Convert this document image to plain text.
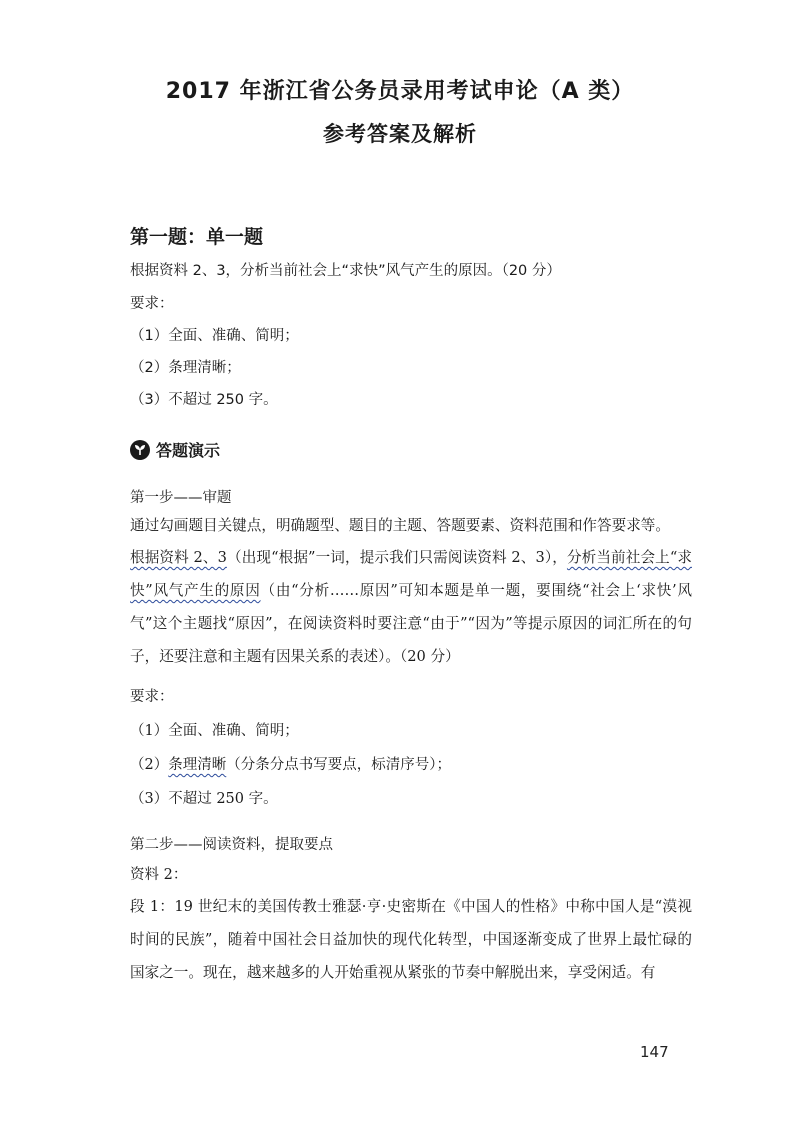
2017 年浙江省公务员录用考试申论（A 类）
参考答案及解析
第一题：单一题
根据资料 2、3，分析当前社会上“求快”风气产生的原因。（20 分）
要求：
（1）全面、准确、简明；
（2）条理清晰；
（3）不超过 250 字。
答题演示
第一步——审题
通过勾画题目关键点，明确题型、题目的主题、答题要素、资料范围和作答要求等。
根据资料 2、3（出现“根据”一词，提示我们只需阅读资料 2、3），分析当前社会上“求快”风气产生的原因（由“分析……原因”可知本题是单一题，要围绕“社会上‘求快’风气”这个主题找“原因”，在阅读资料时要注意“由于”“因为”等提示原因的词汇所在的句子，还要注意和主题有因果关系的表述）。（20 分）
要求：
（1）全面、准确、简明；
（2）条理清晰（分条分点书写要点，标清序号）；
（3）不超过 250 字。
第二步——阅读资料，提取要点
资料 2：
段 1：19 世纪末的美国传教士雅瑟·亨·史密斯在《中国人的性格》中称中国人是“漠视时间的民族”，随着中国社会日益加快的现代化转型，中国逐渐变成了世界上最忙碌的国家之一。现在，越来越多的人开始重视从紧张的节奏中解脱出来，享受闲适。有
147
